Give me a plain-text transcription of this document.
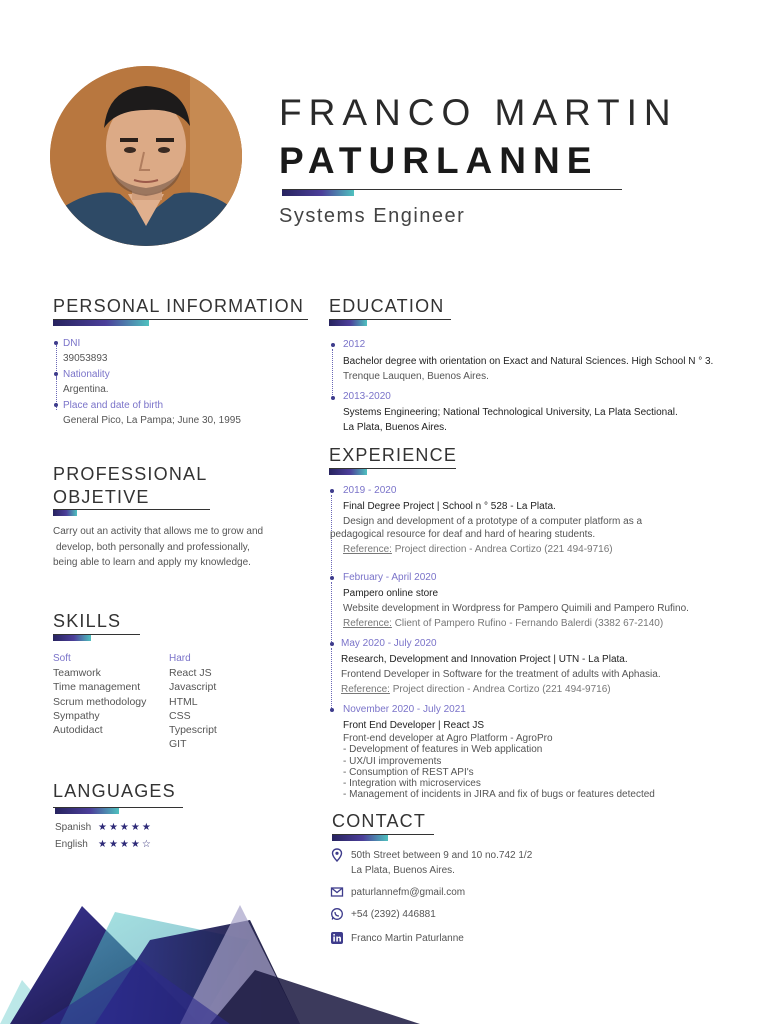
FRANCO MARTIN
PATURLANNE
Systems Engineer
PERSONAL INFORMATION
DNI
39053893
Nationality
Argentina.
Place and date of birth
General Pico, La Pampa; June 30, 1995
PROFESSIONAL
OBJETIVE

Carry out an activity that allows me to grow and

develop, both personally and professionally,

being able to learn and apply my knowledge.

SKILLS
Soft
Teamwork
Time management
Scrum methodology
Sympathy
Autodidact
Hard
React JS
Javascript
HTML
CSS
Typescript
GIT
LANGUAGES
Spanish ★★★★★
English ★★★★☆
EDUCATION
2012
Bachelor degree with orientation on Exact and Natural Sciences. High School N ° 3.
Trenque Lauquen, Buenos Aires.
2013-2020
Systems Engineering; National Technological University, La Plata Sectional.
La Plata, Buenos Aires.
EXPERIENCE
2019 - 2020
Final Degree Project | School n ° 528 - La Plata.
Design and development of a prototype of a computer platform as a
pedagogical resource for deaf and hard of hearing students.
Reference: Project direction - Andrea Cortizo (221 494-9716)
February - April 2020
Pampero online store
Website development in Wordpress for Pampero Quimili and Pampero Rufino.
Reference: Client of Pampero Rufino - Fernando Balerdi (3382 67-2140)
May 2020 - July 2020
Research, Development and Innovation Project | UTN - La Plata.
Frontend Developer in Software for the treatment of adults with Aphasia.
Reference: Project direction - Andrea Cortizo (221 494-9716)
November 2020 - July 2021
Front End Developer | React JS
Front-end developer at Agro Platform - AgroPro
- Development of features in Web application
- UX/UI improvements
- Consumption of REST API's
- Integration with microservices
- Management of incidents in JIRA and fix of bugs or features detected
CONTACT
50th Street between 9 and 10 no.742 1/2
La Plata, Buenos Aires.
paturlannefm@gmail.com
+54 (2392) 446881
Franco Martin Paturlanne
